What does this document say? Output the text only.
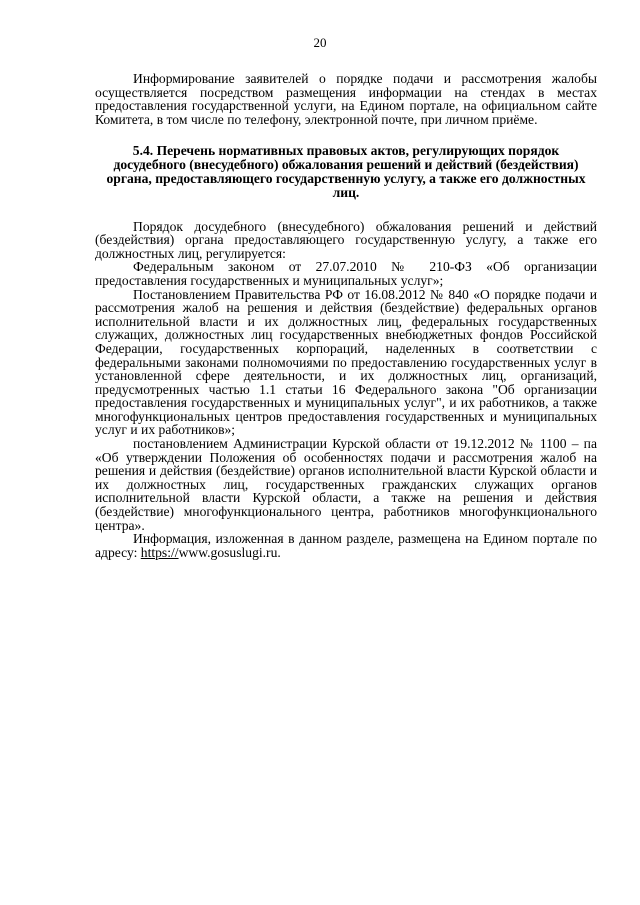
20

Информирование заявителей о порядке подачи и рассмотрения жалобы осуществляется посредством размещения информации на стендах в местах предоставления государственной услуги, на Едином портале, на официальном сайте Комитета, в том числе по телефону, электронной почте, при личном приёме.

5.4. Перечень нормативных правовых актов, регулирующих порядок досудебного (внесудебного) обжалования решений и действий (бездействия) органа, предоставляющего государственную услугу, а также его должностных лиц.

Порядок досудебного (внесудебного) обжалования решений и действий (бездействия) органа предоставляющего государственную услугу, а также его должностных лиц, регулируется:

Федеральным законом от 27.07.2010 № 210-ФЗ «Об организации предоставления государственных и муниципальных услуг»;

Постановлением Правительства РФ от 16.08.2012 № 840 «О порядке подачи и рассмотрения жалоб на решения и действия (бездействие) федеральных органов исполнительной власти и их должностных лиц, федеральных государственных служащих, должностных лиц государственных внебюджетных фондов Российской Федерации, государственных корпораций, наделенных в соответствии с федеральными законами полномочиями по предоставлению государственных услуг в установленной сфере деятельности, и их должностных лиц, организаций, предусмотренных частью 1.1 статьи 16 Федерального закона "Об организации предоставления государственных и муниципальных услуг", и их работников, а также многофункциональных центров предоставления государственных и муниципальных услуг и их работников»;

постановлением Администрации Курской области от 19.12.2012 № 1100 – па «Об утверждении Положения об особенностях подачи и рассмотрения жалоб на решения и действия (бездействие) органов исполнительной власти Курской области и их должностных лиц, государственных гражданских служащих органов исполнительной власти Курской области, а также на решения и действия (бездействие) многофункционального центра, работников многофункционального центра».

Информация, изложенная в данном разделе, размещена на Едином портале по адресу: https://www.gosuslugi.ru.
